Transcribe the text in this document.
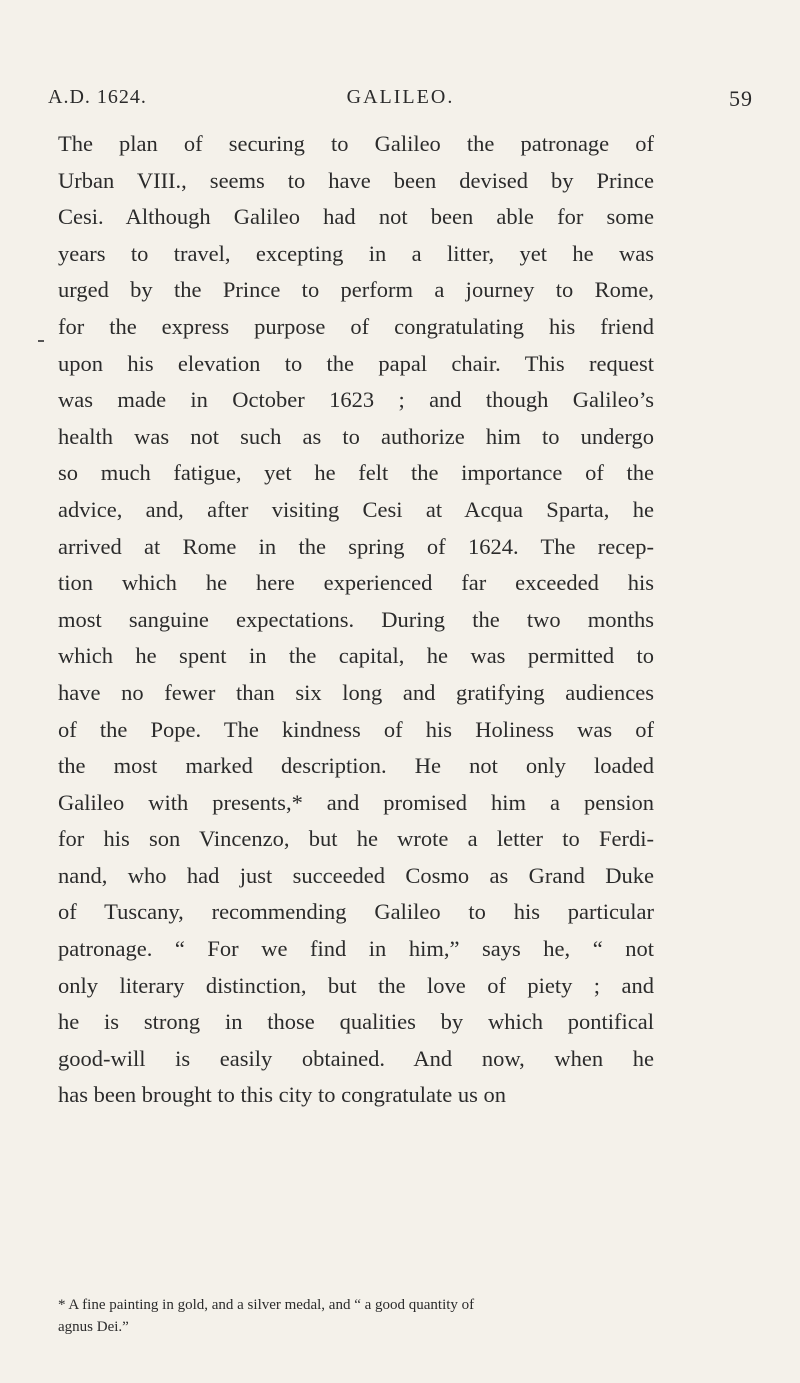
A.D. 1624.	GALILEO.	59
The plan of securing to Galileo the patronage of
Urban VIII., seems to have been devised by Prince
Cesi. Although Galileo had not been able for some
years to travel, excepting in a litter, yet he was
urged by the Prince to perform a journey to Rome,
for the express purpose of congratulating his friend
upon his elevation to the papal chair. This request
was made in October 1623 ; and though Galileo’s
health was not such as to authorize him to undergo
so much fatigue, yet he felt the importance of the
advice, and, after visiting Cesi at Acqua Sparta, he
arrived at Rome in the spring of 1624. The recep-
tion which he here experienced far exceeded his
most sanguine expectations. During the two months
which he spent in the capital, he was permitted to
have no fewer than six long and gratifying audiences
of the Pope. The kindness of his Holiness was of
the most marked description. He not only loaded
Galileo with presents,* and promised him a pension
for his son Vincenzo, but he wrote a letter to Ferdi-
nand, who had just succeeded Cosmo as Grand Duke
of Tuscany, recommending Galileo to his particular
patronage. “ For we find in him,” says he, “ not
only literary distinction, but the love of piety ; and
he is strong in those qualities by which pontifical
good-will is easily obtained. And now, when he
has been brought to this city to congratulate us on
* A fine painting in gold, and a silver medal, and “ a good quantity of
agnus Dei.”
